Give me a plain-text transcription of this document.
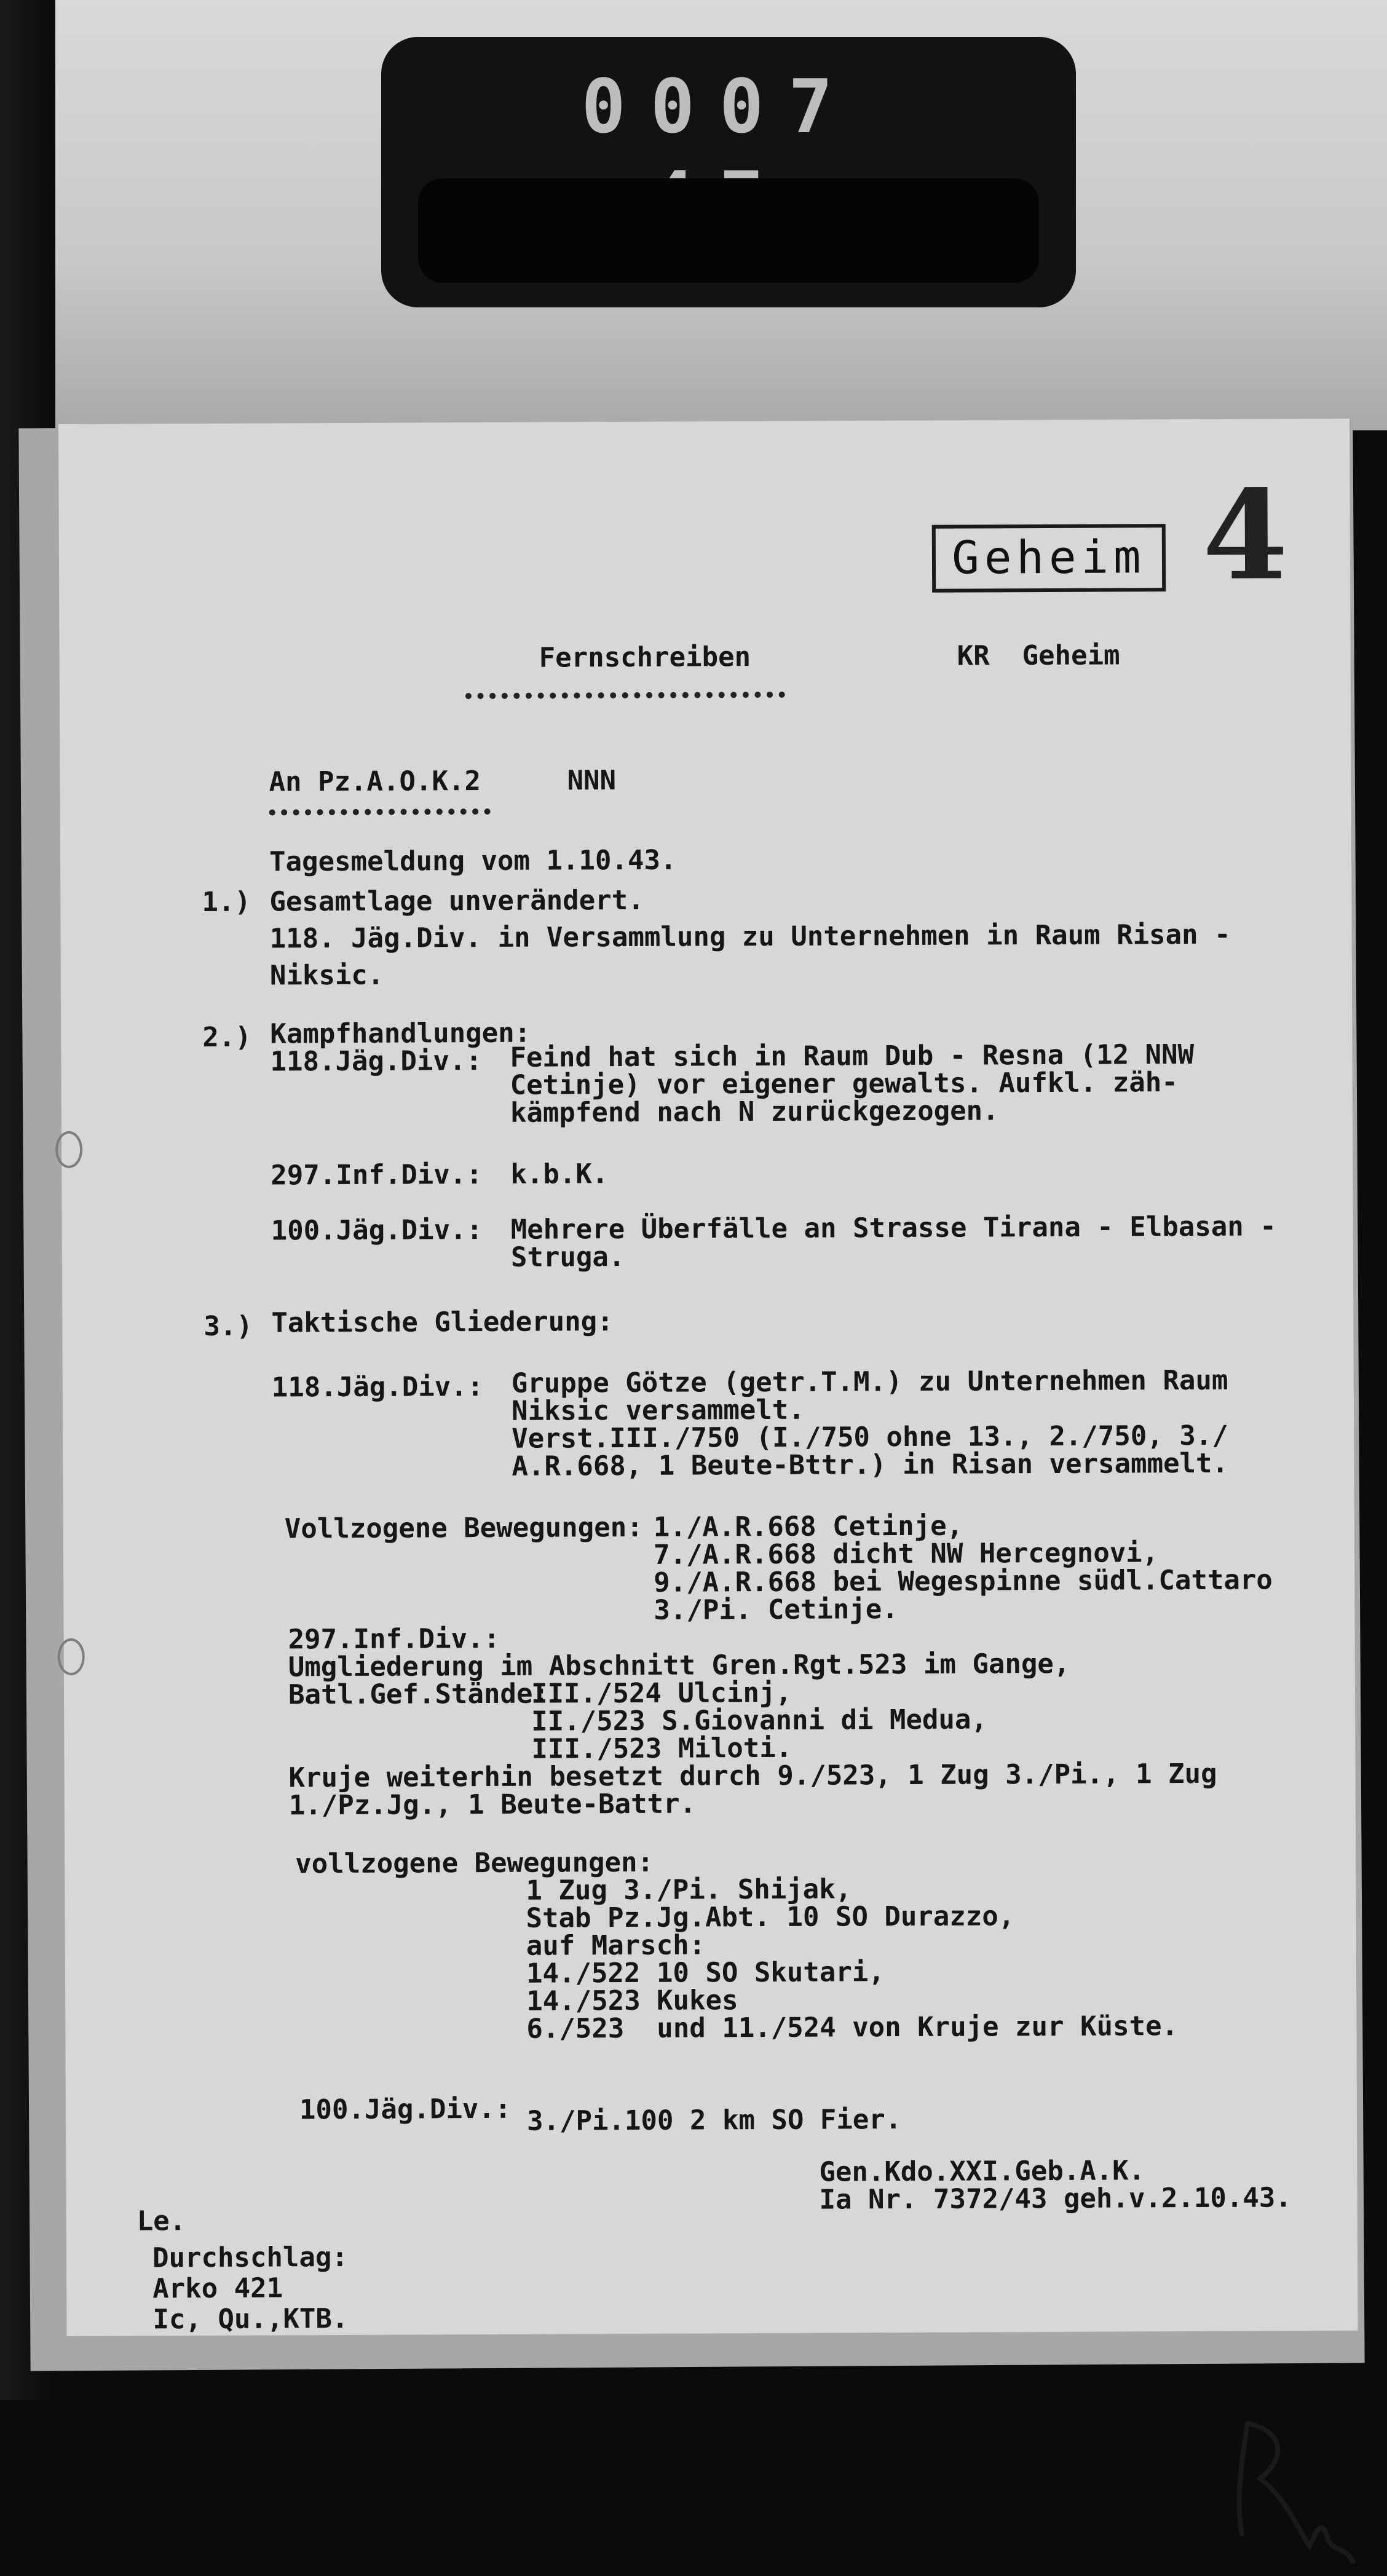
0007
Geheim 4
Fernschreiben	KR  Geheim
An Pz.A.O.K.2	NNN
Tagesmeldung vom 1.10.43.
1.) Gesamtlage unverändert.
118. Jäg.Div. in Versammlung zu Unternehmen in Raum Risan -
Niksic.
2.) Kampfhandlungen:
118.Jäg.Div.: Feind hat sich in Raum Dub - Resna (12 NNW
Cetinje) vor eigener gewalts. Aufkl. zäh-
kämpfend nach N zurückgezogen.
297.Inf.Div.: k.b.K.
100.Jäg.Div.: Mehrere Überfälle an Strasse Tirana - Elbasan -
Struga.
3.) Taktische Gliederung:
118.Jäg.Div.: Gruppe Götze (getr.T.M.) zu Unternehmen Raum
Niksic versammelt.
Verst.III./750 (I./750 ohne 13., 2./750, 3./
A.R.668, 1 Beute-Bttr.) in Risan versammelt.
Vollzogene Bewegungen: 1./A.R.668 Cetinje,
7./A.R.668 dicht NW Hercegnovi,
9./A.R.668 bei Wegespinne südl.Cattaro
3./Pi. Cetinje.
297.Inf.Div.:
Umgliederung im Abschnitt Gren.Rgt.523 im Gange,
Batl.Gef.Stände:
III./524 Ulcinj,
II./523 S.Giovanni di Medua,
III./523 Miloti.
Kruje weiterhin besetzt durch 9./523, 1 Zug 3./Pi., 1 Zug
1./Pz.Jg., 1 Beute-Battr.
vollzogene Bewegungen:
1 Zug 3./Pi. Shijak,
Stab Pz.Jg.Abt. 10 SO Durazzo,
auf Marsch:
14./522 10 SO Skutari,
14./523 Kukes
6./523  und 11./524 von Kruje zur Küste.
100.Jäg.Div.: 3./Pi.100 2 km SO Fier.
Gen.Kdo.XXI.Geb.A.K.
Ia Nr. 7372/43 geh.v.2.10.43.
Le.
Durchschlag:
Arko 421
Ic, Qu., KTB.
